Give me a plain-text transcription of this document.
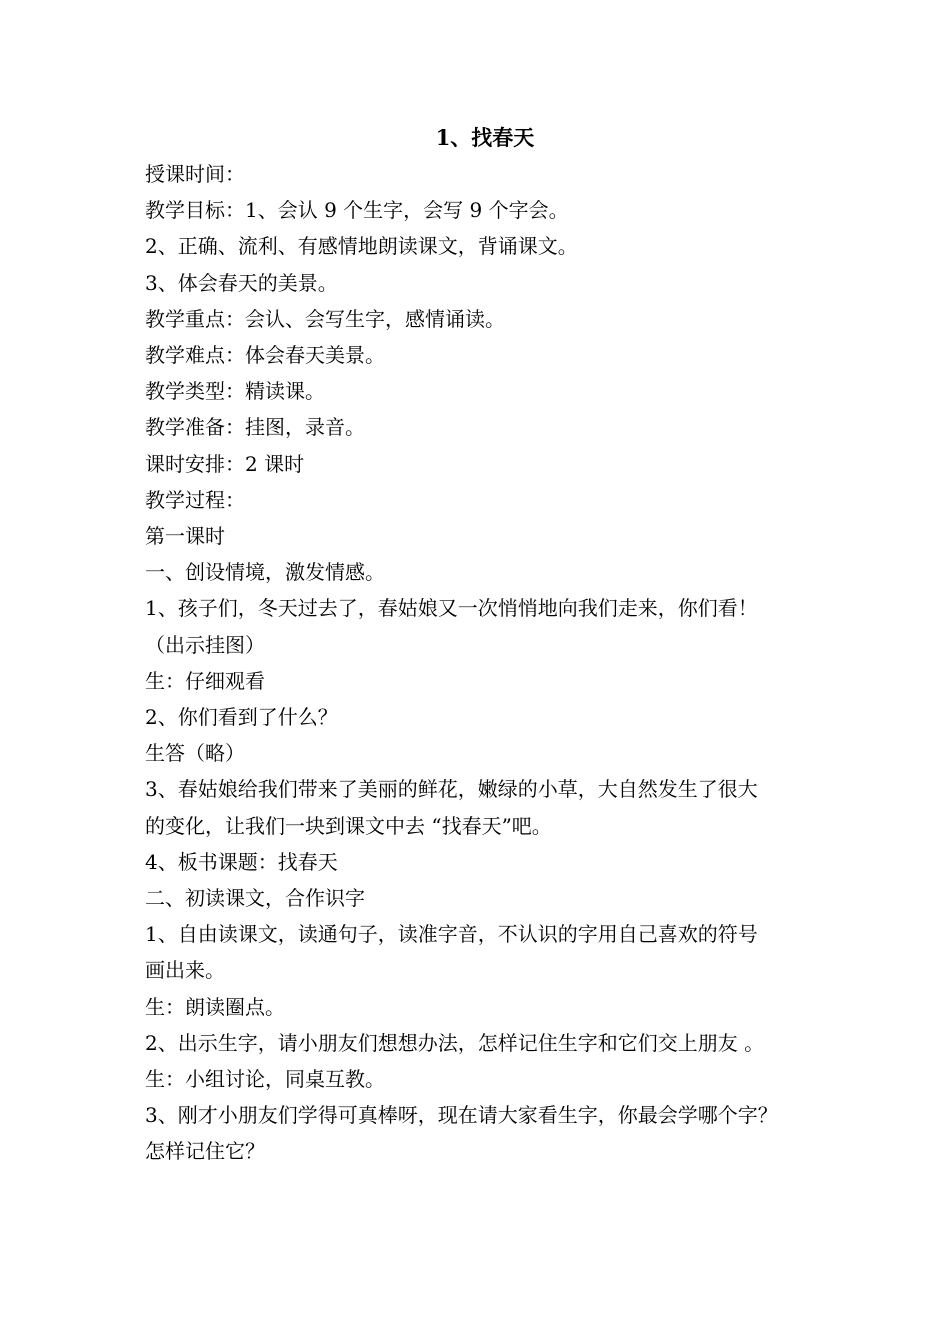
1、找春天

授课时间：

教学目标：1、会认 9 个生字，会写 9 个字会。

2、正确、流利、有感情地朗读课文，背诵课文。

3、体会春天的美景。

教学重点：会认、会写生字，感情诵读。

教学难点：体会春天美景。

教学类型：精读课。

教学准备：挂图，录音。

课时安排：2 课时

教学过程：

第一课时

一、创设情境，激发情感。

1、孩子们，冬天过去了，春姑娘又一次悄悄地向我们走来，你们看！

（出示挂图）

生：仔细观看

2、你们看到了什么？

生答（略）

3、春姑娘给我们带来了美丽的鲜花，嫩绿的小草，大自然发生了很大

的变化，让我们一块到课文中去 “找春天”吧。

4、板书课题：找春天

二、初读课文，合作识字

1、自由读课文，读通句子，读准字音，不认识的字用自己喜欢的符号

画出来。

生：朗读圈点。

2、出示生字，请小朋友们想想办法，怎样记住生字和它们交上朋友 。

生：小组讨论，同桌互教。

3、刚才小朋友们学得可真棒呀，现在请大家看生字，你最会学哪个字？

怎样记住它？
